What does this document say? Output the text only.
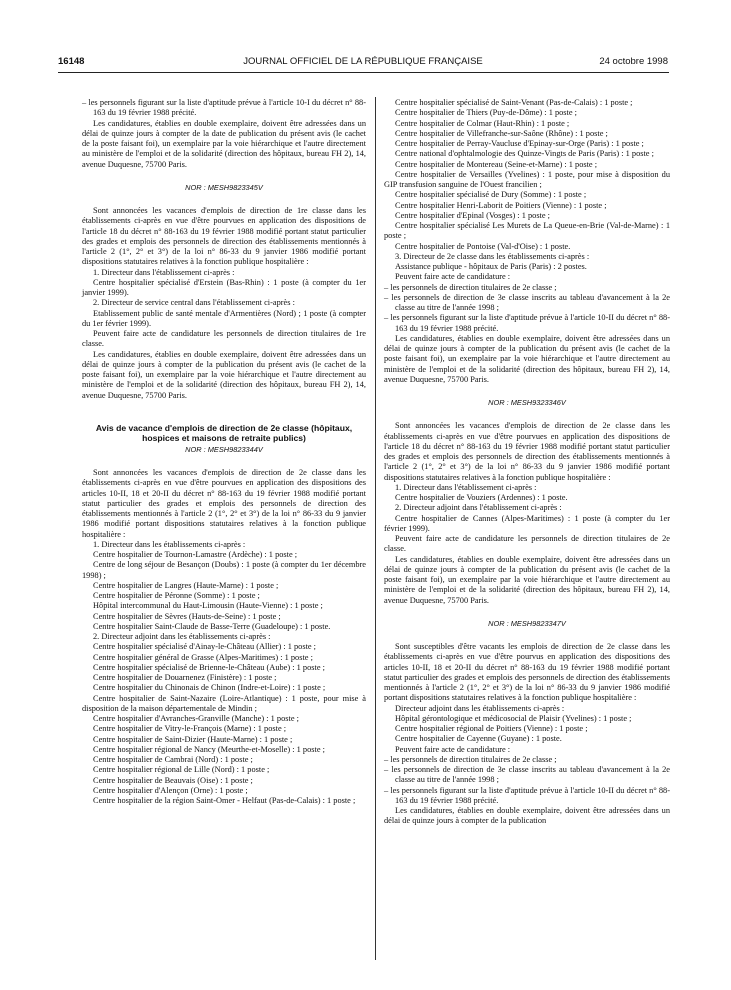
16148	JOURNAL OFFICIEL DE LA RÉPUBLIQUE FRANÇAISE	24 octobre 1998

– les personnels figurant sur la liste d'aptitude prévue à l'article 10-I du décret n° 88-163 du 19 février 1988 précité.

Les candidatures, établies en double exemplaire, doivent être adressées dans un délai de quinze jours à compter de la date de publication du présent avis (le cachet de la poste faisant foi), un exemplaire par la voie hiérarchique et l'autre directement au ministère de l'emploi et de la solidarité (direction des hôpitaux, bureau FH 2), 14, avenue Duquesne, 75700 Paris.

NOR : MESH9823345V

Sont annoncées les vacances d'emplois de direction de 1re classe dans les établissements ci-après en vue d'être pourvues en application des dispositions de l'article 18 du décret n° 88-163 du 19 février 1988 modifié portant statut particulier des grades et emplois des personnels de direction des établissements mentionnés à l'article 2 (1°, 2° et 3°) de la loi n° 86-33 du 9 janvier 1986 modifié portant dispositions statutaires relatives à la fonction publique hospitalière :

1. Directeur dans l'établissement ci-après :

Centre hospitalier spécialisé d'Erstein (Bas-Rhin) : 1 poste (à compter du 1er janvier 1999).

2. Directeur de service central dans l'établissement ci-après :

Etablissement public de santé mentale d'Armentières (Nord) ; 1 poste (à compter du 1er février 1999).

Peuvent faire acte de candidature les personnels de direction titulaires de 1re classe.

Les candidatures, établies en double exemplaire, doivent être adressées dans un délai de quinze jours à compter de la publication du présent avis (le cachet de la poste faisant foi), un exemplaire par la voie hiérarchique et l'autre directement au ministère de l'emploi et de la solidarité (direction des hôpitaux, bureau FH 2), 14, avenue Duquesne, 75700 Paris.

Avis de vacance d'emplois de direction de 2e classe (hôpitaux, hospices et maisons de retraite publics)

NOR : MESH9823344V

Sont annoncées les vacances d'emplois de direction de 2e classe dans les établissements ci-après en vue d'être pourvues en application des dispositions des articles 10-II, 18 et 20-II du décret n° 88-163 du 19 février 1988 modifié portant statut particulier des grades et emplois des personnels de direction des établissements mentionnés à l'article 2 (1°, 2° et 3°) de la loi n° 86-33 du 9 janvier 1986 modifié portant dispositions statutaires relatives à la fonction publique hospitalière :

1. Directeur dans les établissements ci-après :

Centre hospitalier de Tournon-Lamastre (Ardèche) : 1 poste ;

Centre de long séjour de Besançon (Doubs) : 1 poste (à compter du 1er décembre 1998) ;

Centre hospitalier de Langres (Haute-Marne) : 1 poste ;

Centre hospitalier de Péronne (Somme) : 1 poste ;

Hôpital intercommunal du Haut-Limousin (Haute-Vienne) : 1 poste ;

Centre hospitalier de Sèvres (Hauts-de-Seine) : 1 poste ;

Centre hospitalier Saint-Claude de Basse-Terre (Guadeloupe) : 1 poste.

2. Directeur adjoint dans les établissements ci-après :

Centre hospitalier spécialisé d'Ainay-le-Château (Allier) : 1 poste ;

Centre hospitalier général de Grasse (Alpes-Maritimes) : 1 poste ;

Centre hospitalier spécialisé de Brienne-le-Château (Aube) : 1 poste ;

Centre hospitalier de Douarnenez (Finistère) : 1 poste ;

Centre hospitalier du Chinonais de Chinon (Indre-et-Loire) : 1 poste ;

Centre hospitalier de Saint-Nazaire (Loire-Atlantique) : 1 poste, pour mise à disposition de la maison départementale de Mindin ;

Centre hospitalier d'Avranches-Granville (Manche) : 1 poste ;

Centre hospitalier de Vitry-le-François (Marne) : 1 poste ;

Centre hospitalier de Saint-Dizier (Haute-Marne) : 1 poste ;

Centre hospitalier régional de Nancy (Meurthe-et-Moselle) : 1 poste ;

Centre hospitalier de Cambrai (Nord) : 1 poste ;

Centre hospitalier régional de Lille (Nord) : 1 poste ;

Centre hospitalier de Beauvais (Oise) : 1 poste ;

Centre hospitalier d'Alençon (Orne) : 1 poste ;

Centre hospitalier de la région Saint-Omer - Helfaut (Pas-de-Calais) : 1 poste ;

Centre hospitalier spécialisé de Saint-Venant (Pas-de-Calais) : 1 poste ;

Centre hospitalier de Thiers (Puy-de-Dôme) : 1 poste ;

Centre hospitalier de Colmar (Haut-Rhin) : 1 poste ;

Centre hospitalier de Villefranche-sur-Saône (Rhône) : 1 poste ;

Centre hospitalier de Perray-Vaucluse d'Epinay-sur-Orge (Paris) : 1 poste ;

Centre national d'ophtalmologie des Quinze-Vingts de Paris (Paris) : 1 poste ;

Centre hospitalier de Montereau (Seine-et-Marne) : 1 poste ;

Centre hospitalier de Versailles (Yvelines) : 1 poste, pour mise à disposition du GIP transfusion sanguine de l'Ouest francilien ;

Centre hospitalier spécialisé de Dury (Somme) : 1 poste ;

Centre hospitalier Henri-Laborit de Poitiers (Vienne) : 1 poste ;

Centre hospitalier d'Epinal (Vosges) : 1 poste ;

Centre hospitalier spécialisé Les Murets de La Queue-en-Brie (Val-de-Marne) : 1 poste ;

Centre hospitalier de Pontoise (Val-d'Oise) : 1 poste.

3. Directeur de 2e classe dans les établissements ci-après :

Assistance publique - hôpitaux de Paris (Paris) : 2 postes.

Peuvent faire acte de candidature :

– les personnels de direction titulaires de 2e classe ;

– les personnels de direction de 3e classe inscrits au tableau d'avancement à la 2e classe au titre de l'année 1998 ;

– les personnels figurant sur la liste d'aptitude prévue à l'article 10-II du décret n° 88-163 du 19 février 1988 précité.

Les candidatures, établies en double exemplaire, doivent être adressées dans un délai de quinze jours à compter de la publication du présent avis (le cachet de la poste faisant foi), un exemplaire par la voie hiérarchique et l'autre directement au ministère de l'emploi et de la solidarité (direction des hôpitaux, bureau FH 2), 14, avenue Duquesne, 75700 Paris.

NOR : MESH9323346V

Sont annoncées les vacances d'emplois de direction de 2e classe dans les établissements ci-après en vue d'être pourvues en application des dispositions de l'article 18 du décret n° 88-163 du 19 février 1988 modifié portant statut particulier des grades et emplois des personnels de direction des établissements mentionnés à l'article 2 (1°, 2° et 3°) de la loi n° 86-33 du 9 janvier 1986 modifié portant dispositions statutaires relatives à la fonction publique hospitalière :

1. Directeur dans l'établissement ci-après :

Centre hospitalier de Vouziers (Ardennes) : 1 poste.

2. Directeur adjoint dans l'établissement ci-après :

Centre hospitalier de Cannes (Alpes-Maritimes) : 1 poste (à compter du 1er février 1999).

Peuvent faire acte de candidature les personnels de direction titulaires de 2e classe.

Les candidatures, établies en double exemplaire, doivent être adressées dans un délai de quinze jours à compter de la publication du présent avis (le cachet de la poste faisant foi), un exemplaire par la voie hiérarchique et l'autre directement au ministère de l'emploi et de la solidarité (direction des hôpitaux, bureau FH 2), 14, avenue Duquesne, 75700 Paris.

NOR : MESH9823347V

Sont susceptibles d'être vacants les emplois de direction de 2e classe dans les établissements ci-après en vue d'être pourvus en application des dispositions des articles 10-II, 18 et 20-II du décret n° 88-163 du 19 février 1988 modifié portant statut particulier des grades et emplois des personnels de direction des établissements mentionnés à l'article 2 (1°, 2° et 3°) de la loi n° 86-33 du 9 janvier 1986 modifié portant dispositions statutaires relatives à la fonction publique hospitalière :

Directeur adjoint dans les établissements ci-après :

Hôpital gérontologique et médicosocial de Plaisir (Yvelines) : 1 poste ;

Centre hospitalier régional de Poitiers (Vienne) : 1 poste ;

Centre hospitalier de Cayenne (Guyane) : 1 poste.

Peuvent faire acte de candidature :

– les personnels de direction titulaires de 2e classe ;

– les personnels de direction de 3e classe inscrits au tableau d'avancement à la 2e classe au titre de l'année 1998 ;

– les personnels figurant sur la liste d'aptitude prévue à l'article 10-II du décret n° 88-163 du 19 février 1988 précité.

Les candidatures, établies en double exemplaire, doivent être adressées dans un délai de quinze jours à compter de la publication
